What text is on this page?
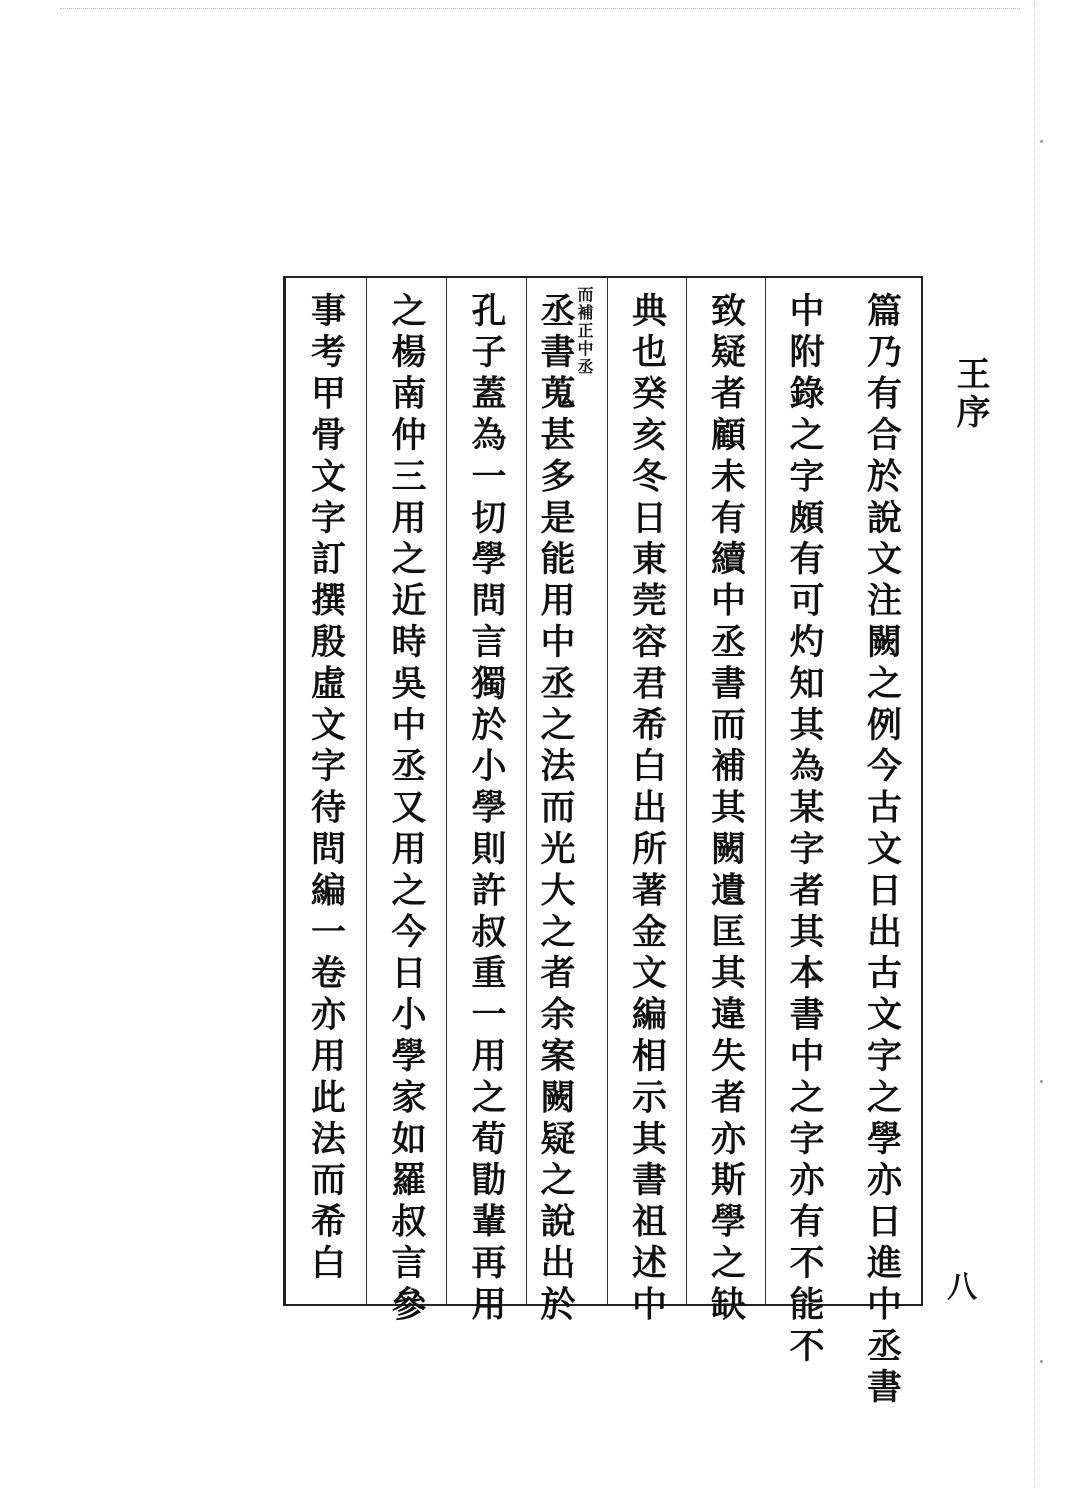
王序
八
篇乃有合於說文注闕之例今古文日出古文字之學亦日進中丞書
中附錄之字頗有可灼知其為某字者其本書中之字亦有不能不
致疑者顧未有續中丞書而補其闕遺匡其違失者亦斯學之缺
典也癸亥冬日東莞容君希白出所著金文編相示其書祖述中
而補正中丞
丞書蒐甚多是能用中丞之法而光大之者余案闕疑之說出於
孔子蓋為一切學問言獨於小學則許叔重一用之荀勖輩再用
之楊南仲三用之近時吳中丞又用之今日小學家如羅叔言參
事考甲骨文字訂撰殷虛文字待問編一卷亦用此法而希白
